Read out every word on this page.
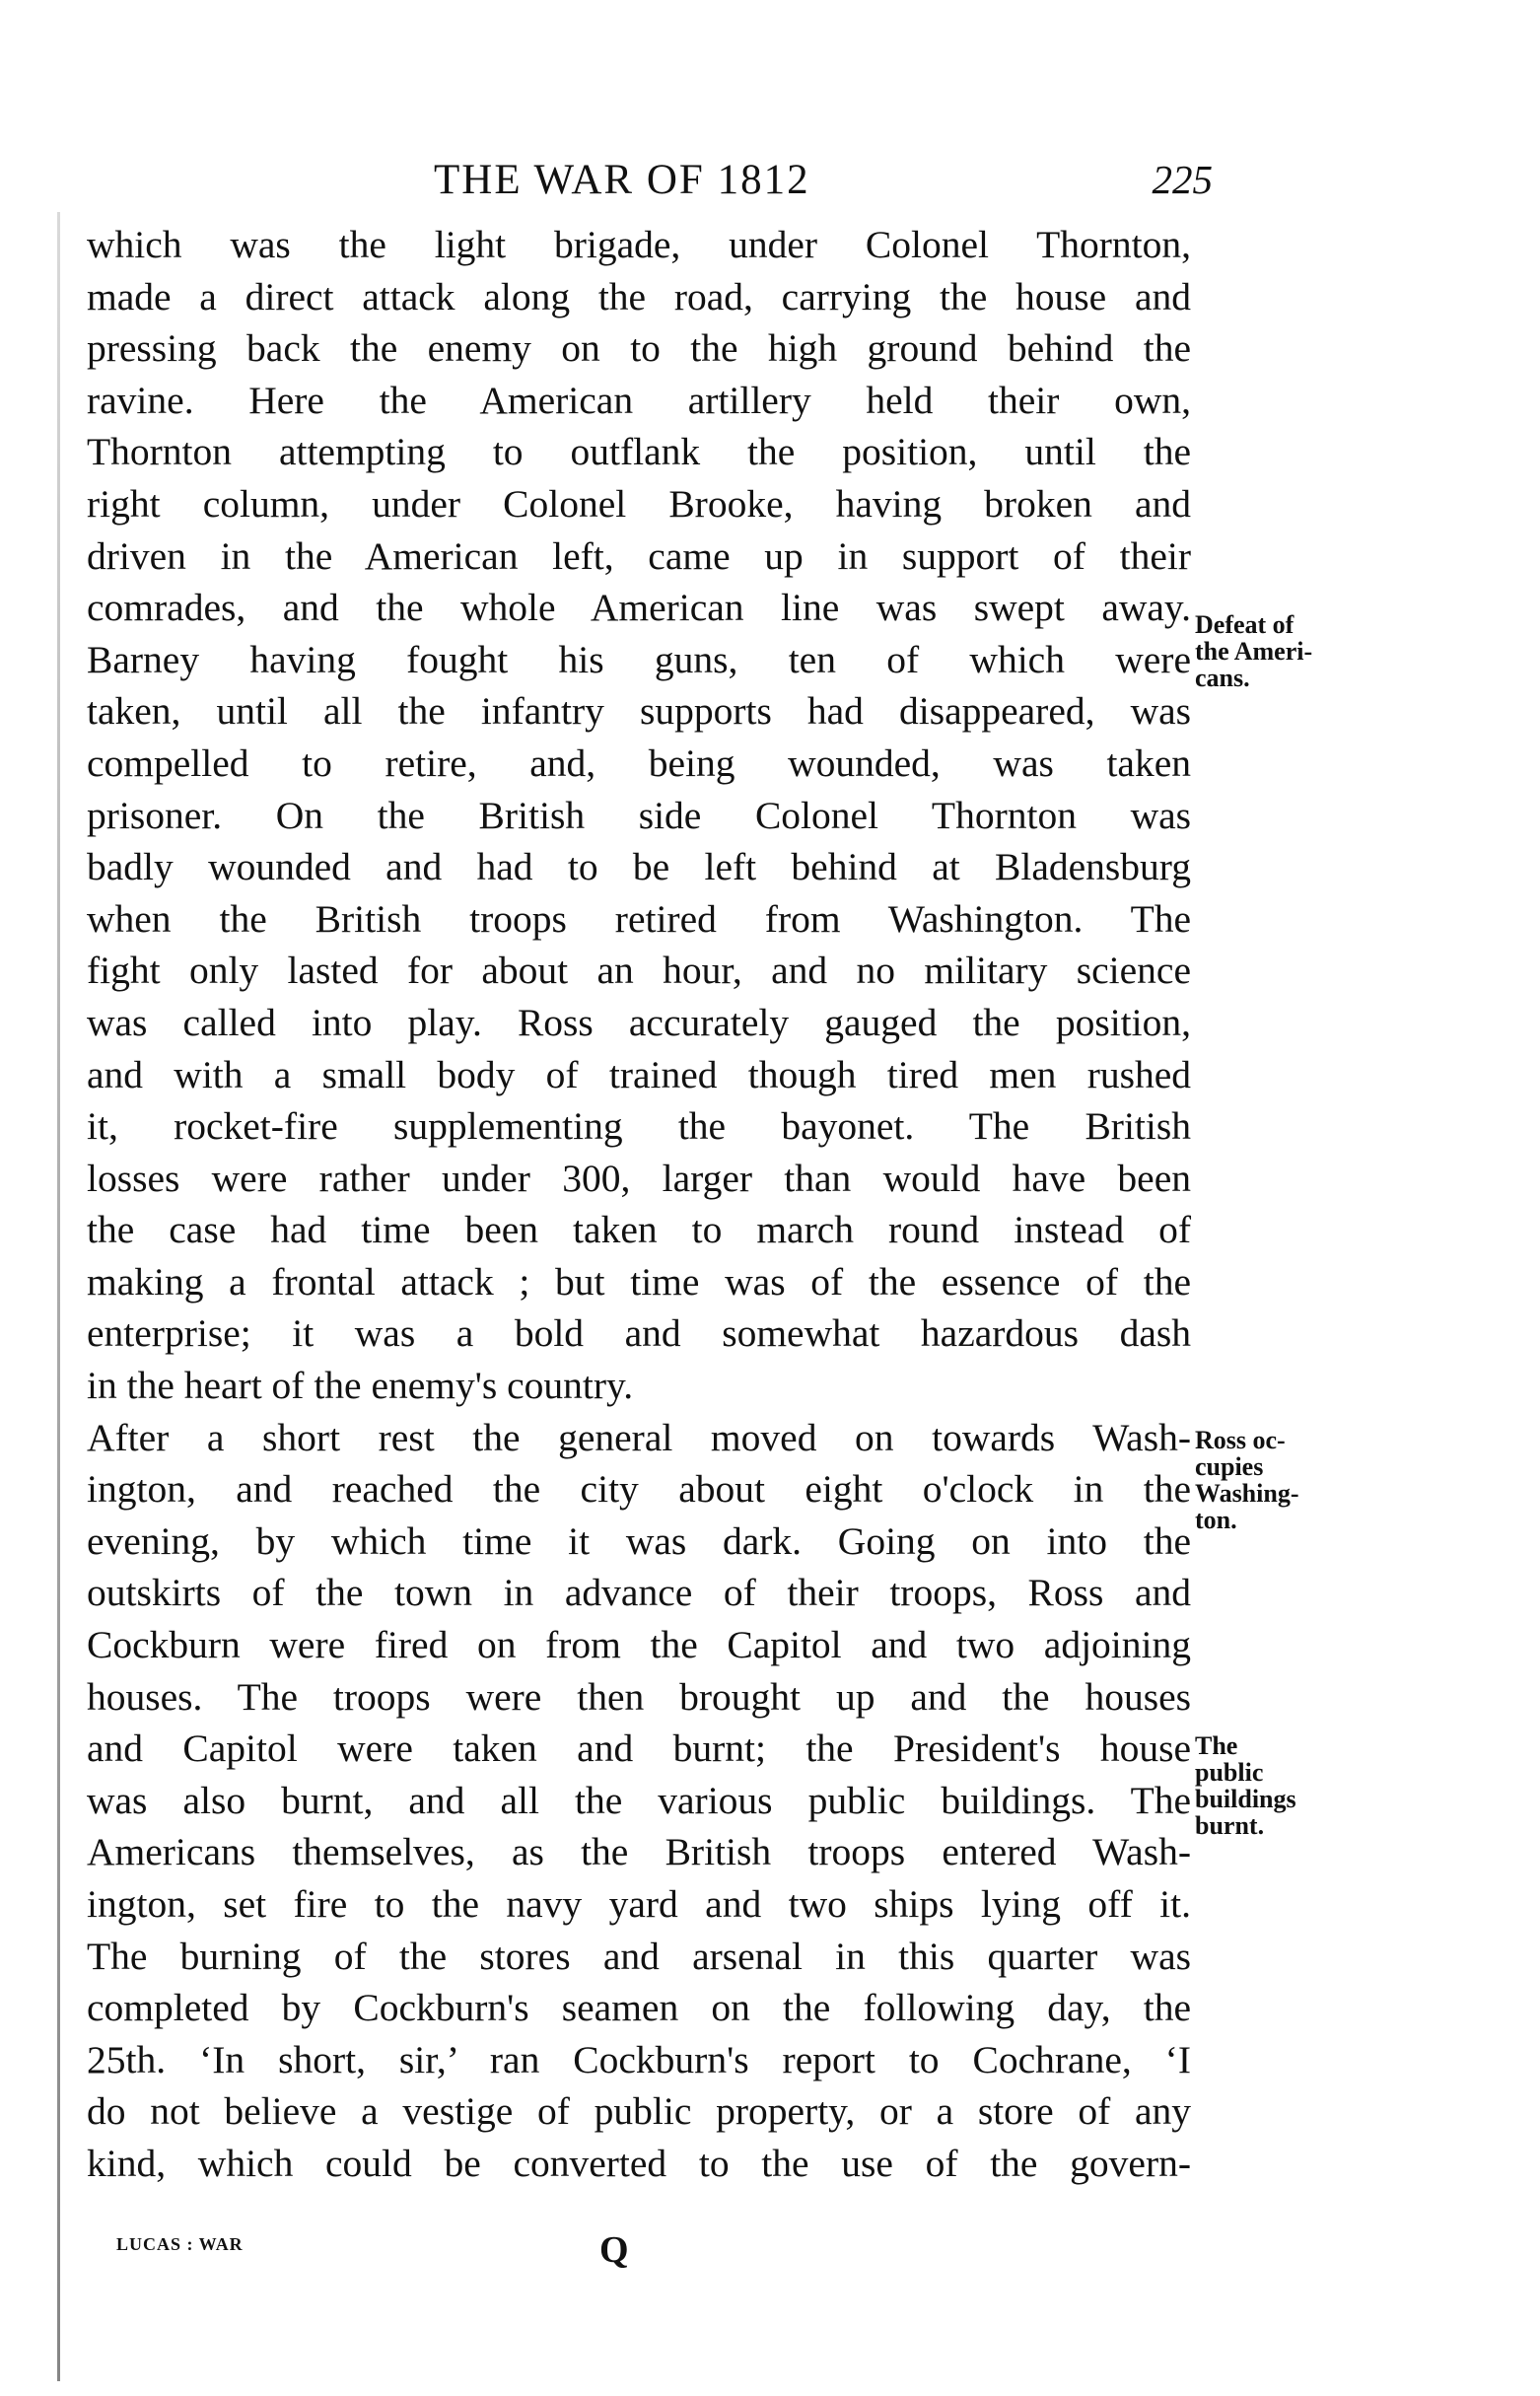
THE WAR OF 1812	225
which was the light brigade, under Colonel Thornton,
made a direct attack along the road, carrying the house and
pressing back the enemy on to the high ground behind the
ravine. Here the American artillery held their own,
Thornton attempting to outflank the position, until the
right column, under Colonel Brooke, having broken and
driven in the American left, came up in support of their
comrades, and the whole American line was swept away.
Barney having fought his guns, ten of which were
taken, until all the infantry supports had disappeared, was
compelled to retire, and, being wounded, was taken
prisoner. On the British side Colonel Thornton was
badly wounded and had to be left behind at Bladensburg
when the British troops retired from Washington. The
fight only lasted for about an hour, and no military science
was called into play. Ross accurately gauged the position,
and with a small body of trained though tired men rushed
it, rocket-fire supplementing the bayonet. The British
losses were rather under 300, larger than would have been
the case had time been taken to march round instead of
making a frontal attack ; but time was of the essence of the
enterprise; it was a bold and somewhat hazardous dash
in the heart of the enemy's country.
After a short rest the general moved on towards Wash-
ington, and reached the city about eight o'clock in the
evening, by which time it was dark. Going on into the
outskirts of the town in advance of their troops, Ross and
Cockburn were fired on from the Capitol and two adjoining
houses. The troops were then brought up and the houses
and Capitol were taken and burnt; the President's house
was also burnt, and all the various public buildings. The
Americans themselves, as the British troops entered Wash-
ington, set fire to the navy yard and two ships lying off it.
The burning of the stores and arsenal in this quarter was
completed by Cockburn's seamen on the following day, the
25th. ‘In short, sir,’ ran Cockburn's report to Cochrane, ‘I
do not believe a vestige of public property, or a store of any
kind, which could be converted to the use of the govern-
Defeat of
the Ameri-
cans.
Ross oc-
cupies
Washing-
ton.
The
public
buildings
burnt.
LUCAS : WAR	Q
